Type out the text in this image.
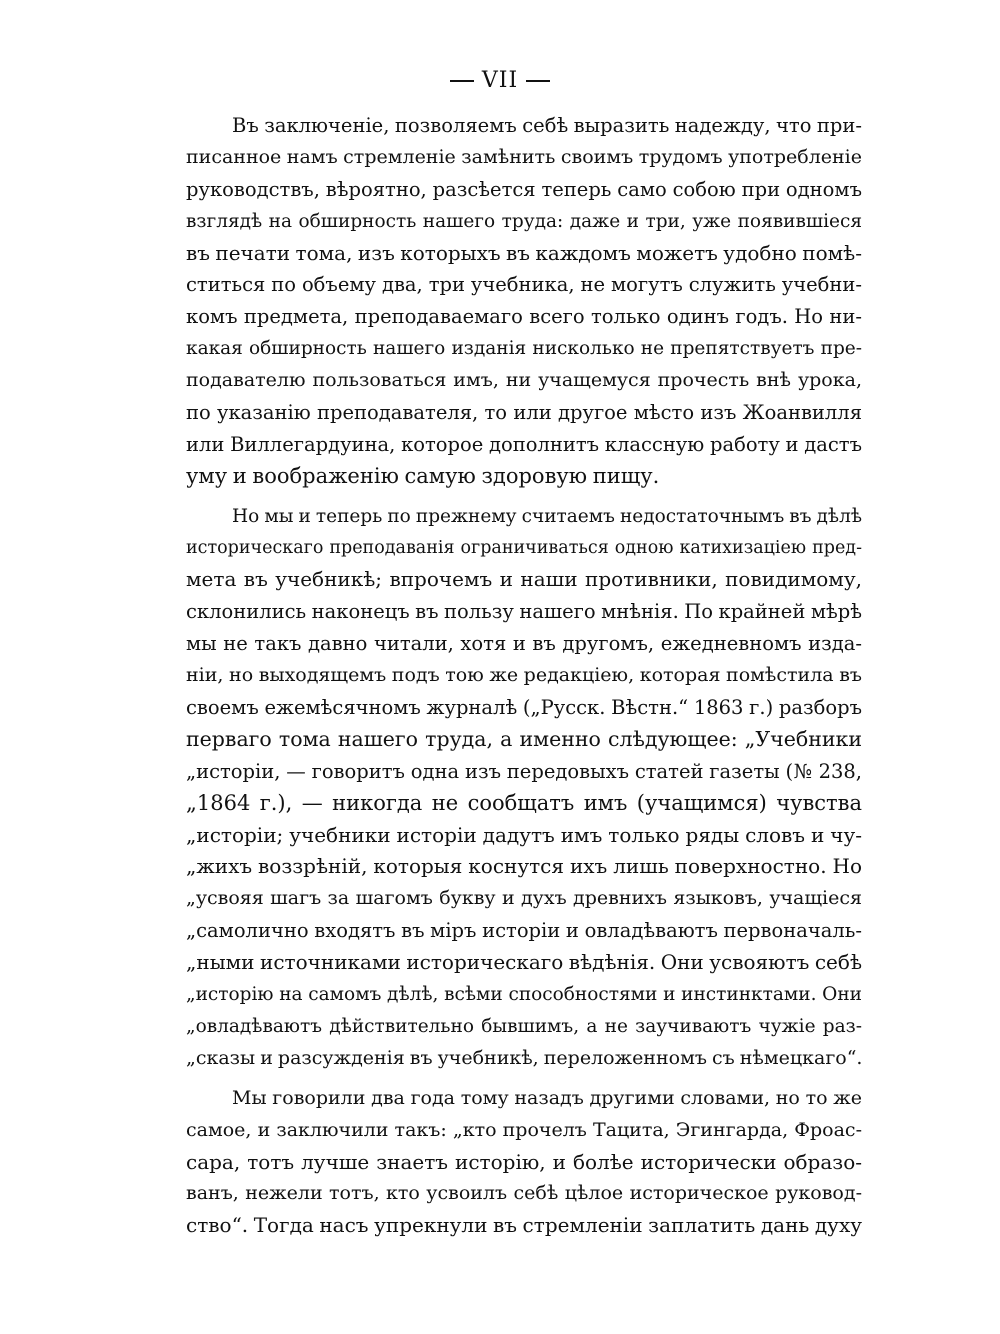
VII
Въ заключеніе, позволяемъ себѣ выразить надежду, что при-
писанное намъ стремленіе замѣнить своимъ трудомъ употребленіе
руководствъ, вѣроятно, разсѣется теперь само собою при одномъ
взглядѣ на обширность нашего труда: даже и три, уже появившіеся
въ печати тома, изъ которыхъ въ каждомъ можетъ удобно помѣ-
ститься по объему два, три учебника, не могутъ служить учебни-
комъ предмета, преподаваемаго всего только одинъ годъ. Но ни-
какая обширность нашего изданія нисколько не препятствуетъ пре-
подавателю пользоваться имъ, ни учащемуся прочесть внѣ урока,
по указанію преподавателя, то или другое мѣсто изъ Жоанвилля
или Виллегардуина, которое дополнитъ классную работу и дастъ
уму и воображенію самую здоровую пищу.
Но мы и теперь по прежнему считаемъ недостаточнымъ въ дѣлѣ
историческаго преподаванія ограничиваться одною катихизаціею пред-
мета въ учебникѣ; впрочемъ и наши противники, повидимому,
склонились наконецъ въ пользу нашего мнѣнія. По крайней мѣрѣ
мы не такъ давно читали, хотя и въ другомъ, ежедневномъ изда-
ніи, но выходящемъ подъ тою же редакціею, которая помѣстила въ
своемъ ежемѣсячномъ журналѣ („Русск. Вѣстн.“ 1863 г.) разборъ
перваго тома нашего труда, а именно слѣдующее: „Учебники
„исторіи, — говоритъ одна изъ передовыхъ статей газеты (№ 238,
„1864 г.), — никогда не сообщатъ имъ (учащимся) чувства
„исторіи; учебники исторіи дадутъ имъ только ряды словъ и чу-
„жихъ воззрѣній, которыя коснутся ихъ лишь поверхностно. Но
„усвояя шагъ за шагомъ букву и духъ древнихъ языковъ, учащіеся
„самолично входятъ въ міръ исторіи и овладѣваютъ первоначаль-
„ными источниками историческаго вѣдѣнія. Они усвояютъ себѣ
„исторію на самомъ дѣлѣ, всѣми способностями и инстинктами. Они
„овладѣваютъ дѣйствительно бывшимъ, а не заучиваютъ чужіе раз-
„сказы и разсужденія въ учебникѣ, переложенномъ съ нѣмецкаго“.
Мы говорили два года тому назадъ другими словами, но то же
самое, и заключили такъ: „кто прочелъ Тацита, Эгингарда, Фроас-
сара, тотъ лучше знаетъ исторію, и болѣе исторически образо-
ванъ, нежели тотъ, кто усвоилъ себѣ цѣлое историческое руковод-
ство“. Тогда насъ упрекнули въ стремленіи заплатить дань духу
